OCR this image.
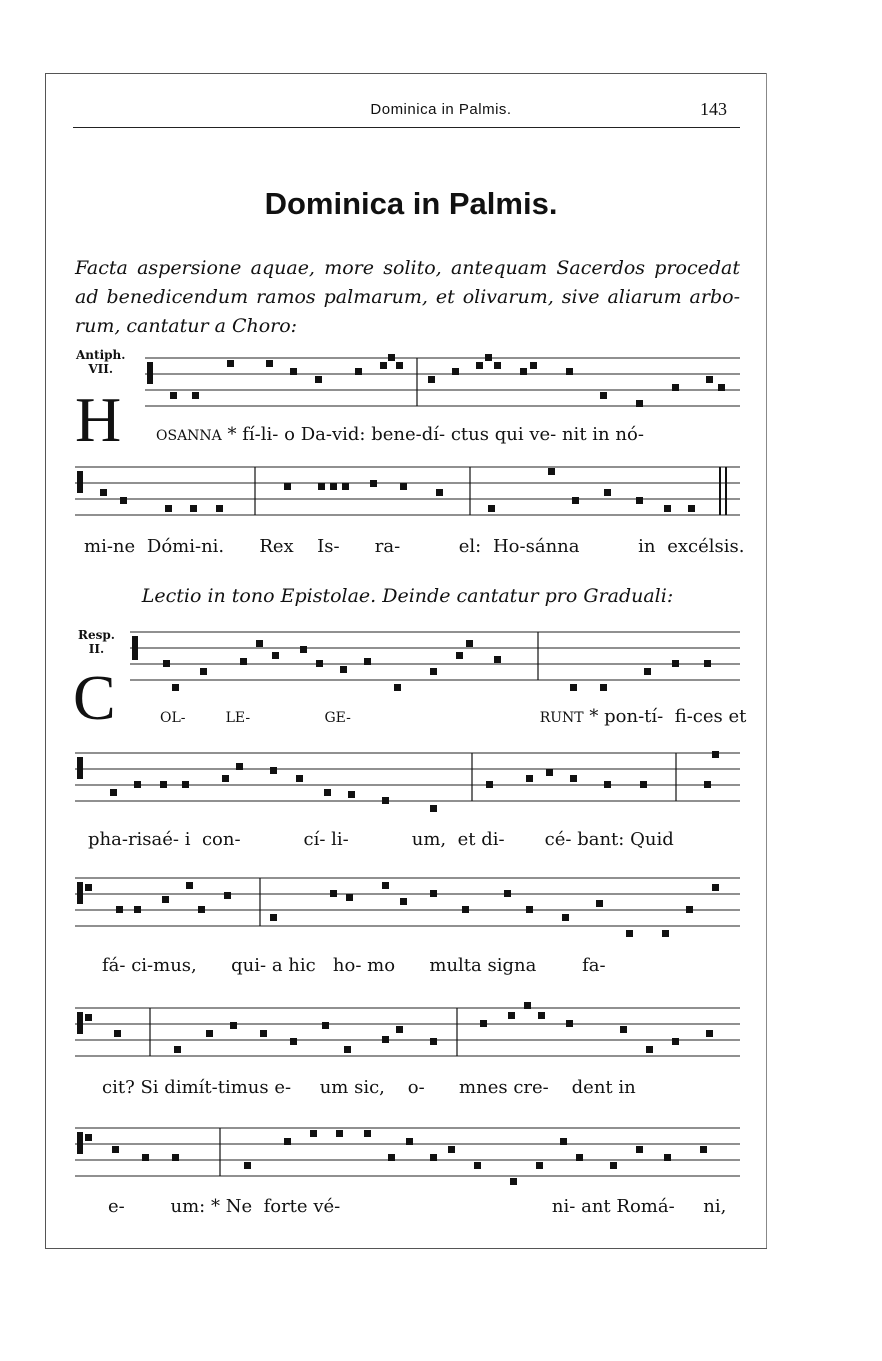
Dominica in Palmis.	143
Dominica in Palmis.
Facta aspersione aquae, more solito, antequam Sacerdos procedat ad benedicendum ramos palmarum, et olivarum, sive aliarum arbo-rum, cantatur a Choro:
Antiph.
VII.
H OSANNA * fí-li- o Da-vid: bene-dí- ctus qui ve- nit in nó-
mi-ne Dómi-ni. Rex Is- ra-	el: Ho-sánna	in excélsis.
Lectio in tono Epistolae. Deinde cantatur pro Graduali:
Resp.
II.
C	OL-	LE-	GE-	RUNT * pon-tí- fi-ces et
pha-risaé- i con-	cí- li-	um, et di- cé- bant: Quid
fá- ci-mus, qui- a hic ho- mo multa signa	fa-
cit? Si dimít-timus e- um sic, o- mnes cre- dent in
e-	um: * Ne forte vé-	ni- ant Romá- ni,
